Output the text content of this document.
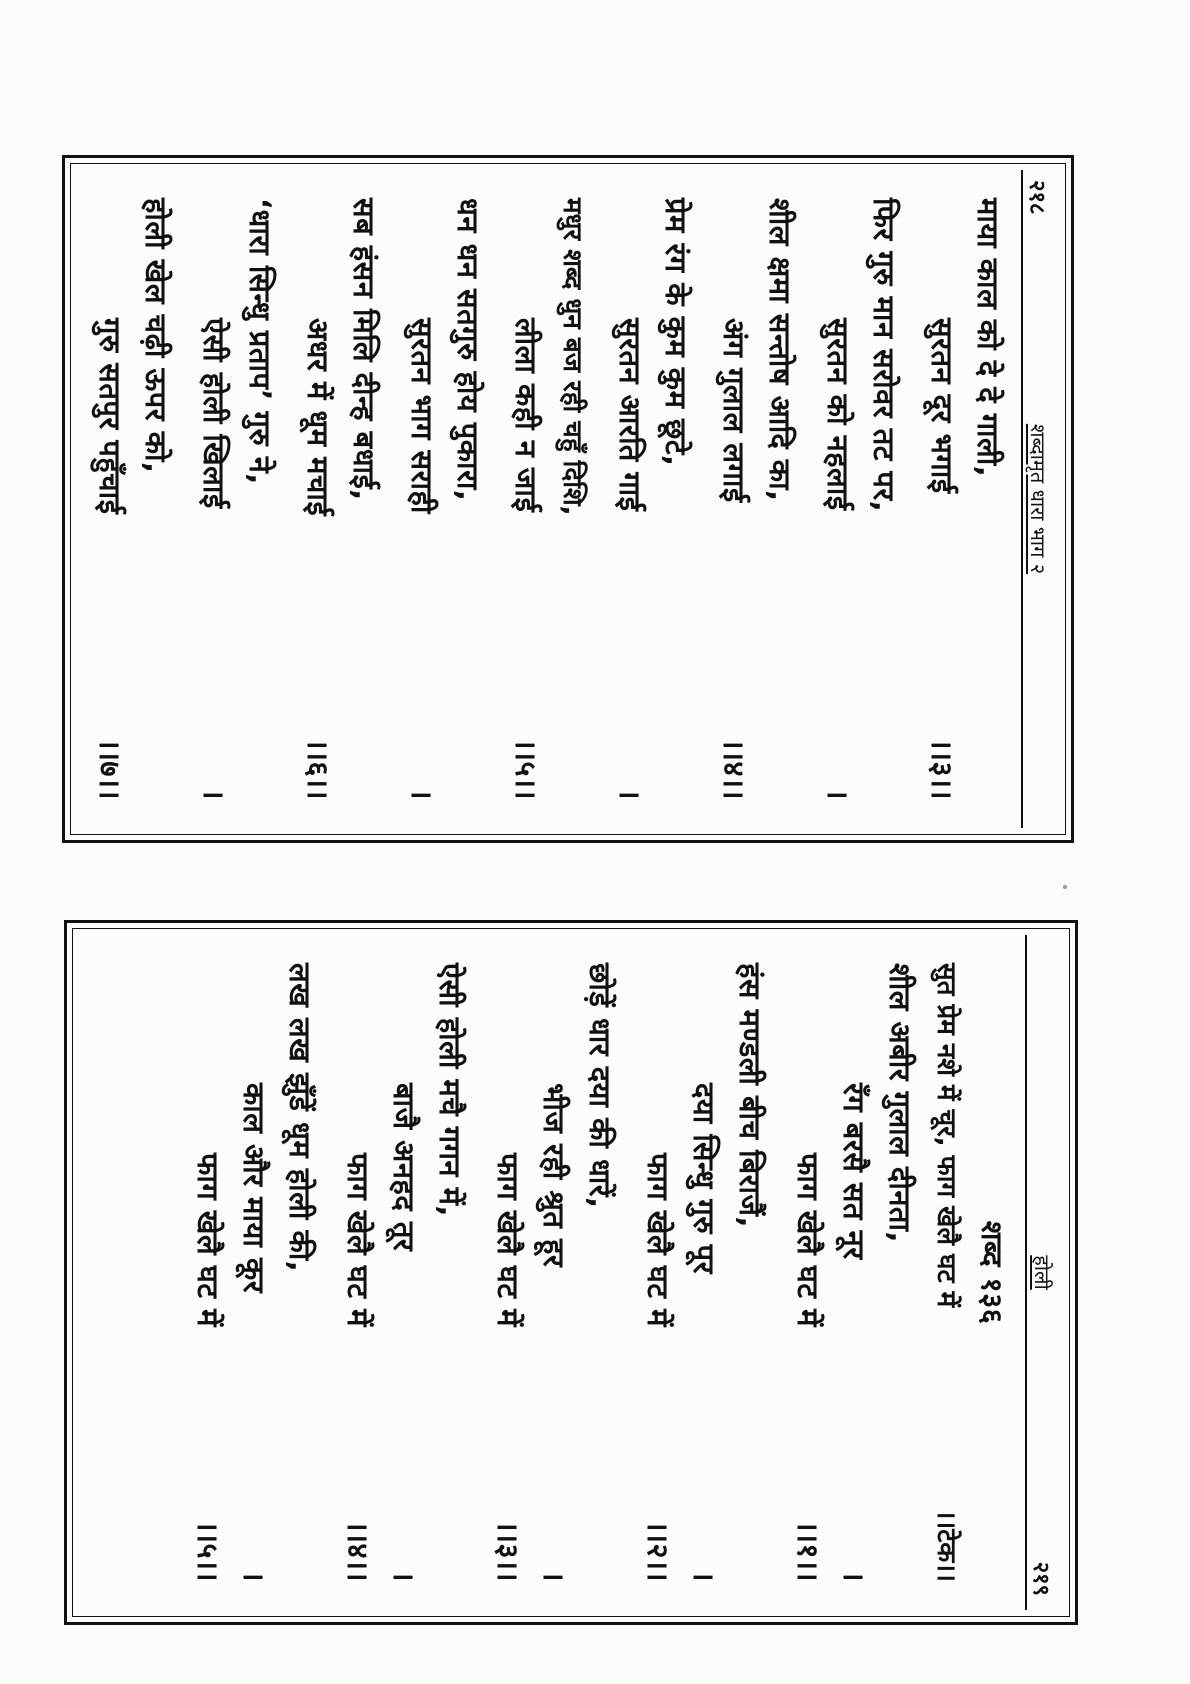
२१८
शब्दामृत धारा भाग २
माया काल को दे दे गाली,
सुरतन दूर भगाई
।।३।।
फिर गुरु मान सरोवर तट पर,
सुरतन को नहलाई
।
शील क्षमा सन्तोष आदि का,
अंग गुलाल लगाई
।।४।।
प्रेम रंग के कुम कुम छूटे,
सुरतन आरति गाई
।
मधुर शब्द धुन बज रही चहुँ दिशि,
लीला कही न जाई
।।५।।
धन धन सतगुरु होय पुकारा,
सुरतन भाग सराही
।
सब हंसन मिलि दीन्ह बधाई,
अधर में धूम मचाई
।।६।।
‘धारा सिन्धु प्रताप’ गुरु ने,
ऐसी होली खिलाई
।
होली खेल चढ़ी ऊपर को,
गुरु सतपुर पहुँचाई
।।७।।
होली
२१९
शब्द १३६
सुत प्रेम नशे में चूर, फाग खेलै घट में
।।टेक।।
शील अबीर गुलाल दीनता,
रँग बरसै सत नूर
।
फाग खेलै घट में
।।१।।
हंस मण्डली बीच बिराजैं,
दया सिन्धु गुरु पूर
।
फाग खेलै घट में
।।२।।
छोड़ें धार दया की धारें,
भीज रही श्रुत हूर
।
फाग खेलै घट में
।।३।।
ऐसी होली मचै गगन में,
बाजै अनहद तूर
।
फाग खेलै घट में
।।४।।
लख लख झुँडें धूम होली की,
काल और माया कूर
।
फाग खेलै घट में
।।५।।
